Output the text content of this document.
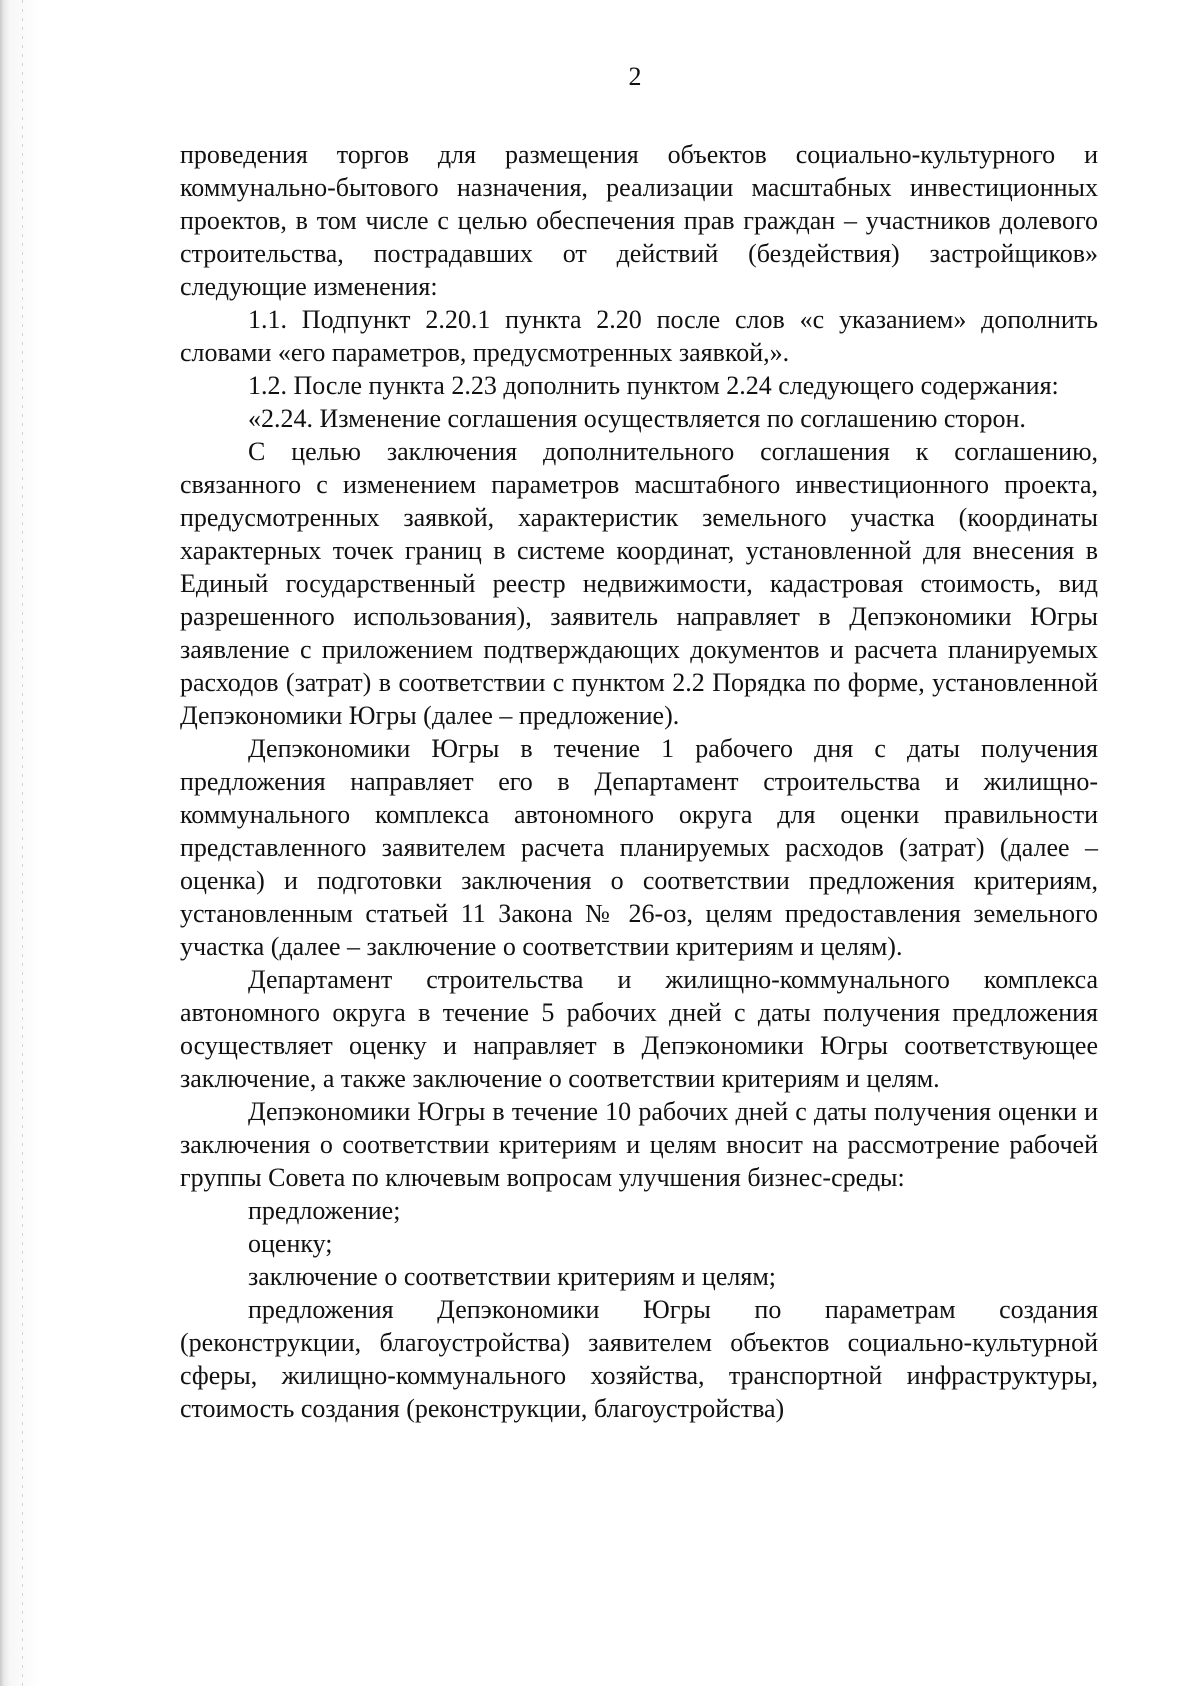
2

проведения торгов для размещения объектов социально-культурного и коммунально-бытового назначения, реализации масштабных инвестиционных проектов, в том числе с целью обеспечения прав граждан – участников долевого строительства, пострадавших от действий (бездействия) застройщиков» следующие изменения:

1.1. Подпункт 2.20.1 пункта 2.20 после слов «с указанием» дополнить словами «его параметров, предусмотренных заявкой,».

1.2. После пункта 2.23 дополнить пунктом 2.24 следующего содержания:

«2.24. Изменение соглашения осуществляется по соглашению сторон.

С целью заключения дополнительного соглашения к соглашению, связанного с изменением параметров масштабного инвестиционного проекта, предусмотренных заявкой, характеристик земельного участка (координаты характерных точек границ в системе координат, установленной для внесения в Единый государственный реестр недвижимости, кадастровая стоимость, вид разрешенного использования), заявитель направляет в Депэкономики Югры заявление с приложением подтверждающих документов и расчета планируемых расходов (затрат) в соответствии с пунктом 2.2 Порядка по форме, установленной Депэкономики Югры (далее – предложение).

Депэкономики Югры в течение 1 рабочего дня с даты получения предложения направляет его в Департамент строительства и жилищно-коммунального комплекса автономного округа для оценки правильности представленного заявителем расчета планируемых расходов (затрат) (далее – оценка) и подготовки заключения о соответствии предложения критериям, установленным статьей 11 Закона № 26-оз, целям предоставления земельного участка (далее – заключение о соответствии критериям и целям).

Департамент строительства и жилищно-коммунального комплекса автономного округа в течение 5 рабочих дней с даты получения предложения осуществляет оценку и направляет в Депэкономики Югры соответствующее заключение, а также заключение о соответствии критериям и целям.

Депэкономики Югры в течение 10 рабочих дней с даты получения оценки и заключения о соответствии критериям и целям вносит на рассмотрение рабочей группы Совета по ключевым вопросам улучшения бизнес-среды:

предложение;

оценку;

заключение о соответствии критериям и целям;

предложения Депэкономики Югры по параметрам создания (реконструкции, благоустройства) заявителем объектов социально-культурной сферы, жилищно-коммунального хозяйства, транспортной инфраструктуры, стоимость создания (реконструкции, благоустройства)
